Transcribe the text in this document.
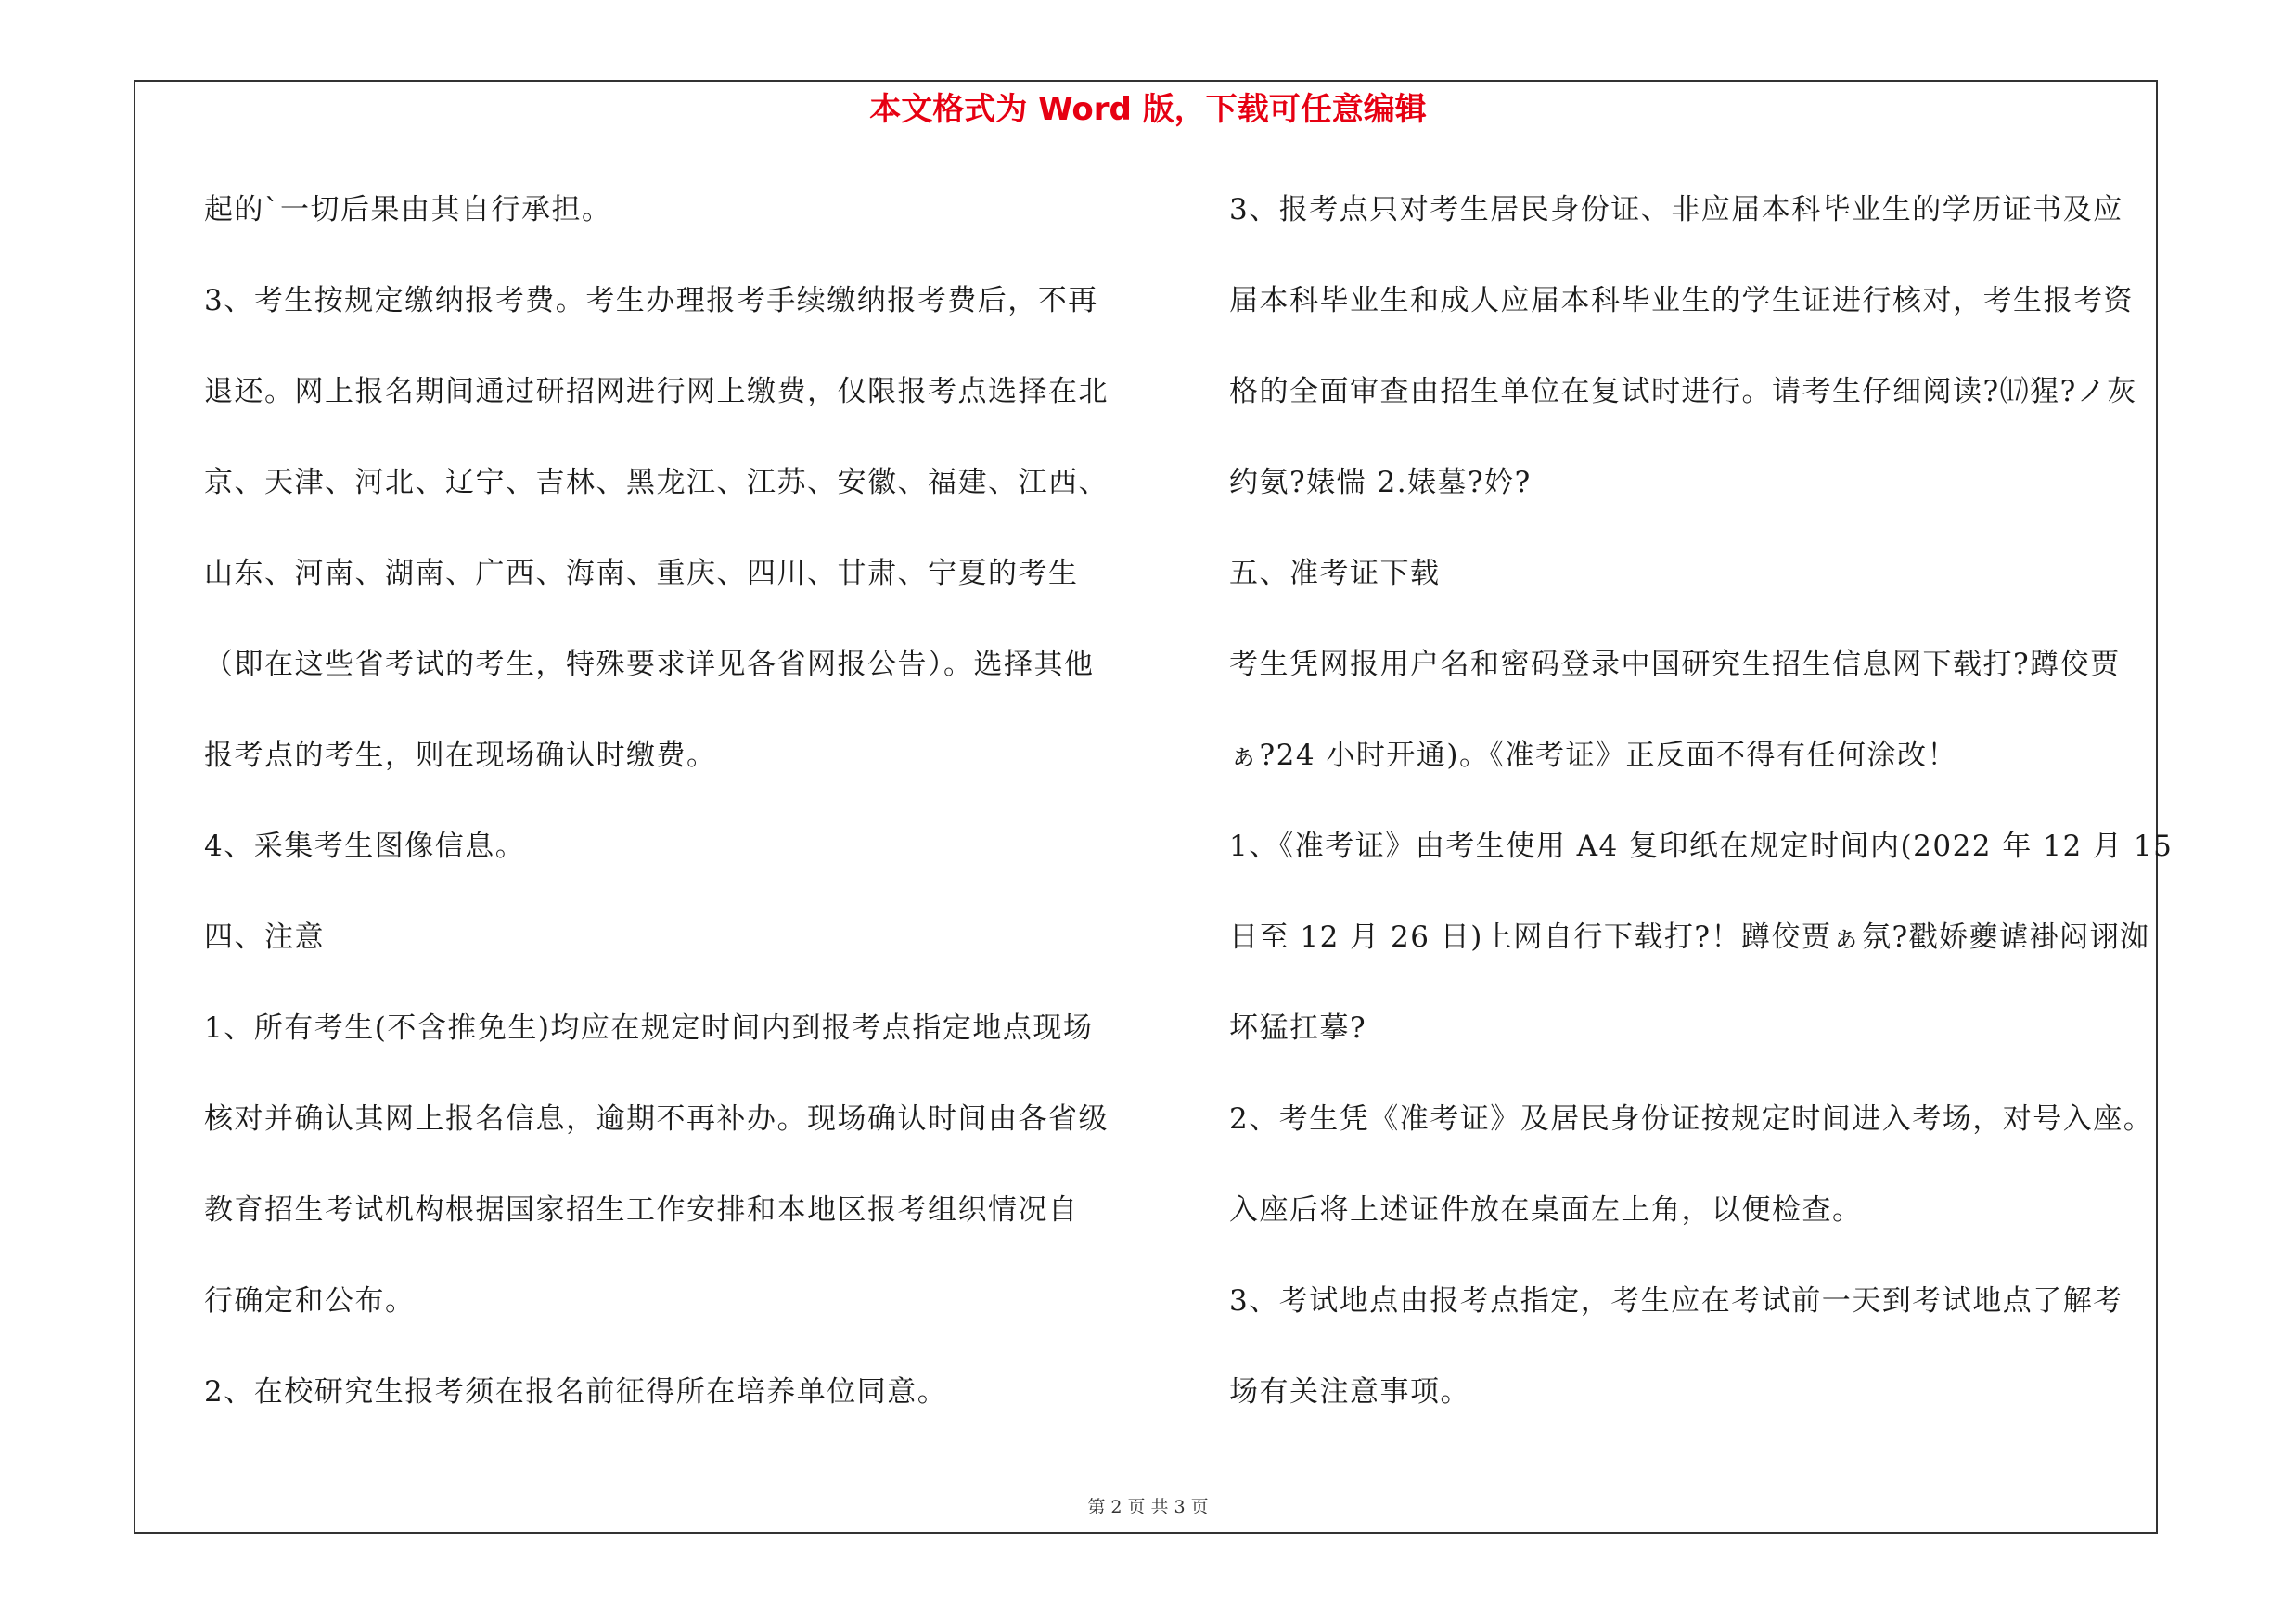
本文格式为 Word 版，下载可任意编辑
起的`一切后果由其自行承担。
3、考生按规定缴纳报考费。考生办理报考手续缴纳报考费后，不再
退还。网上报名期间通过研招网进行网上缴费，仅限报考点选择在北
京、天津、河北、辽宁、吉林、黑龙江、江苏、安徽、福建、江西、
山东、河南、湖南、广西、海南、重庆、四川、甘肃、宁夏的考生
（即在这些省考试的考生，特殊要求详见各省网报公告）。选择其他
报考点的考生，则在现场确认时缴费。
4、采集考生图像信息。
四、注意
1、所有考生(不含推免生)均应在规定时间内到报考点指定地点现场
核对并确认其网上报名信息，逾期不再补办。现场确认时间由各省级
教育招生考试机构根据国家招生工作安排和本地区报考组织情况自
行确定和公布。
2、在校研究生报考须在报名前征得所在培养单位同意。
3、报考点只对考生居民身份证、非应届本科毕业生的学历证书及应
届本科毕业生和成人应届本科毕业生的学生证进行核对，考生报考资
格的全面审查由招生单位在复试时进行。请考生仔细阅读?⒄猩?ノ灰
约氨?婊惴 2.婊墓?妗?
五、准考证下载
考生凭网报用户名和密码登录中国研究生招生信息网下载打?蹲佼贾
ぁ?24 小时开通)。《准考证》正反面不得有任何涂改！
1、《准考证》由考生使用 A4 复印纸在规定时间内(2022 年 12 月 15
日至 12 月 26 日)上网自行下载打?！蹲佼贾ぁ氛?戳娇夔谑褂闷诩洳
坏猛扛摹?
2、考生凭《准考证》及居民身份证按规定时间进入考场，对号入座。
入座后将上述证件放在桌面左上角，以便检查。
3、考试地点由报考点指定，考生应在考试前一天到考试地点了解考
场有关注意事项。
第 2 页 共 3 页
